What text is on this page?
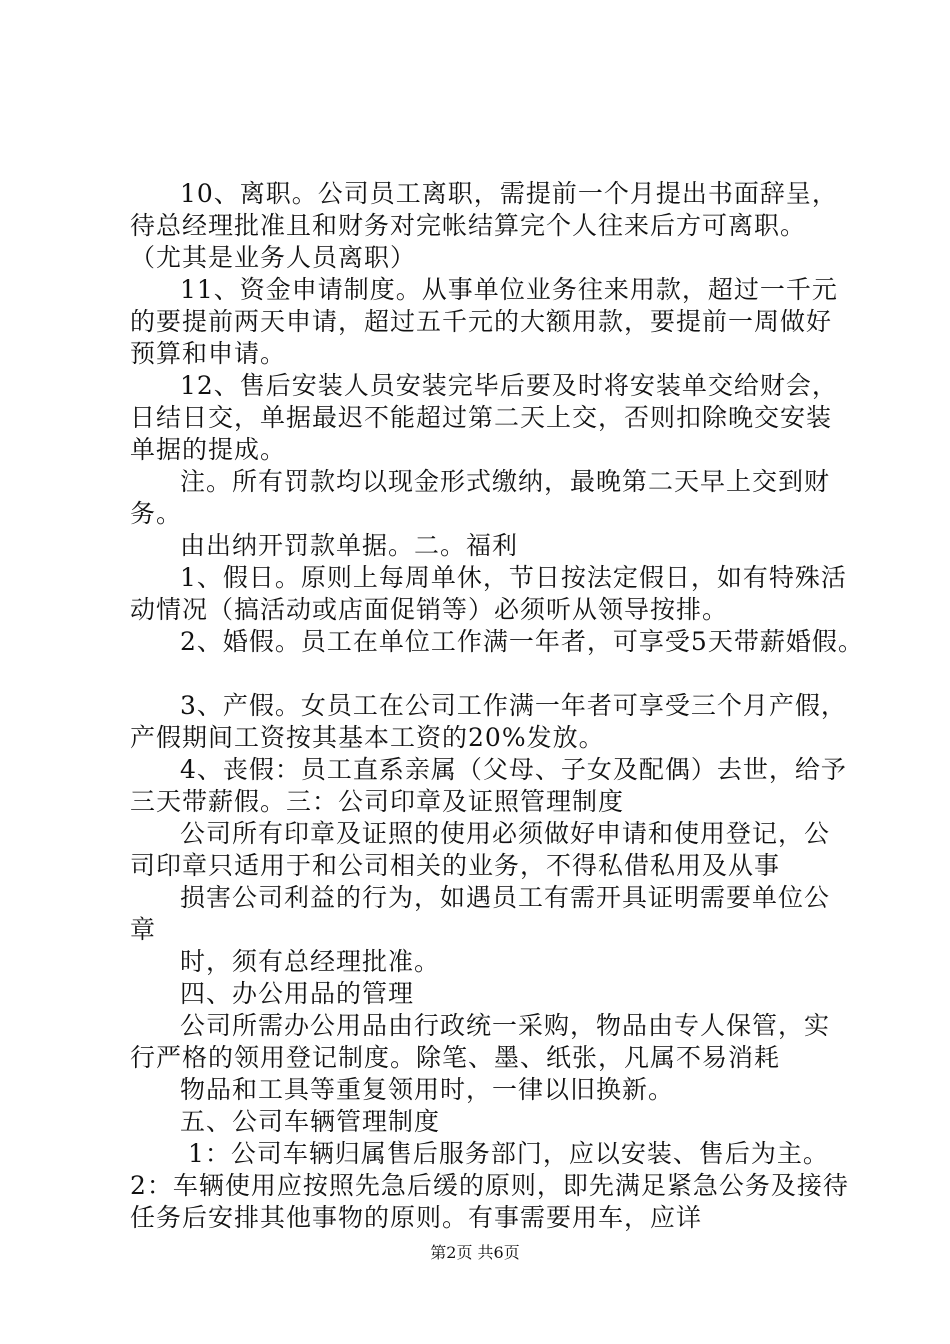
10、离职。公司员工离职，需提前一个月提出书面辞呈，
待总经理批准且和财务对完帐结算完个人往来后方可离职。
（尤其是业务人员离职）
11、资金申请制度。从事单位业务往来用款，超过一千元
的要提前两天申请，超过五千元的大额用款，要提前一周做好
预算和申请。
12、售后安装人员安装完毕后要及时将安装单交给财会，
日结日交，单据最迟不能超过第二天上交，否则扣除晚交安装
单据的提成。
注。所有罚款均以现金形式缴纳，最晚第二天早上交到财
务。
由出纳开罚款单据。二。福利
1、假日。原则上每周单休，节日按法定假日，如有特殊活
动情况（搞活动或店面促销等）必须听从领导按排。
2、婚假。员工在单位工作满一年者，可享受5天带薪婚假。
3、产假。女员工在公司工作满一年者可享受三个月产假，
产假期间工资按其基本工资的20%发放。
4、丧假：员工直系亲属（父母、子女及配偶）去世，给予
三天带薪假。三：公司印章及证照管理制度
公司所有印章及证照的使用必须做好申请和使用登记，公
司印章只适用于和公司相关的业务，不得私借私用及从事
损害公司利益的行为，如遇员工有需开具证明需要单位公
章
时，须有总经理批准。
四、办公用品的管理
公司所需办公用品由行政统一采购，物品由专人保管，实
行严格的领用登记制度。除笔、墨、纸张，凡属不易消耗
物品和工具等重复领用时，一律以旧换新。
五、公司车辆管理制度
1：公司车辆归属售后服务部门，应以安装、售后为主。
2：车辆使用应按照先急后缓的原则，即先满足紧急公务及接待
任务后安排其他事物的原则。有事需要用车，应详
第2页 共6页
